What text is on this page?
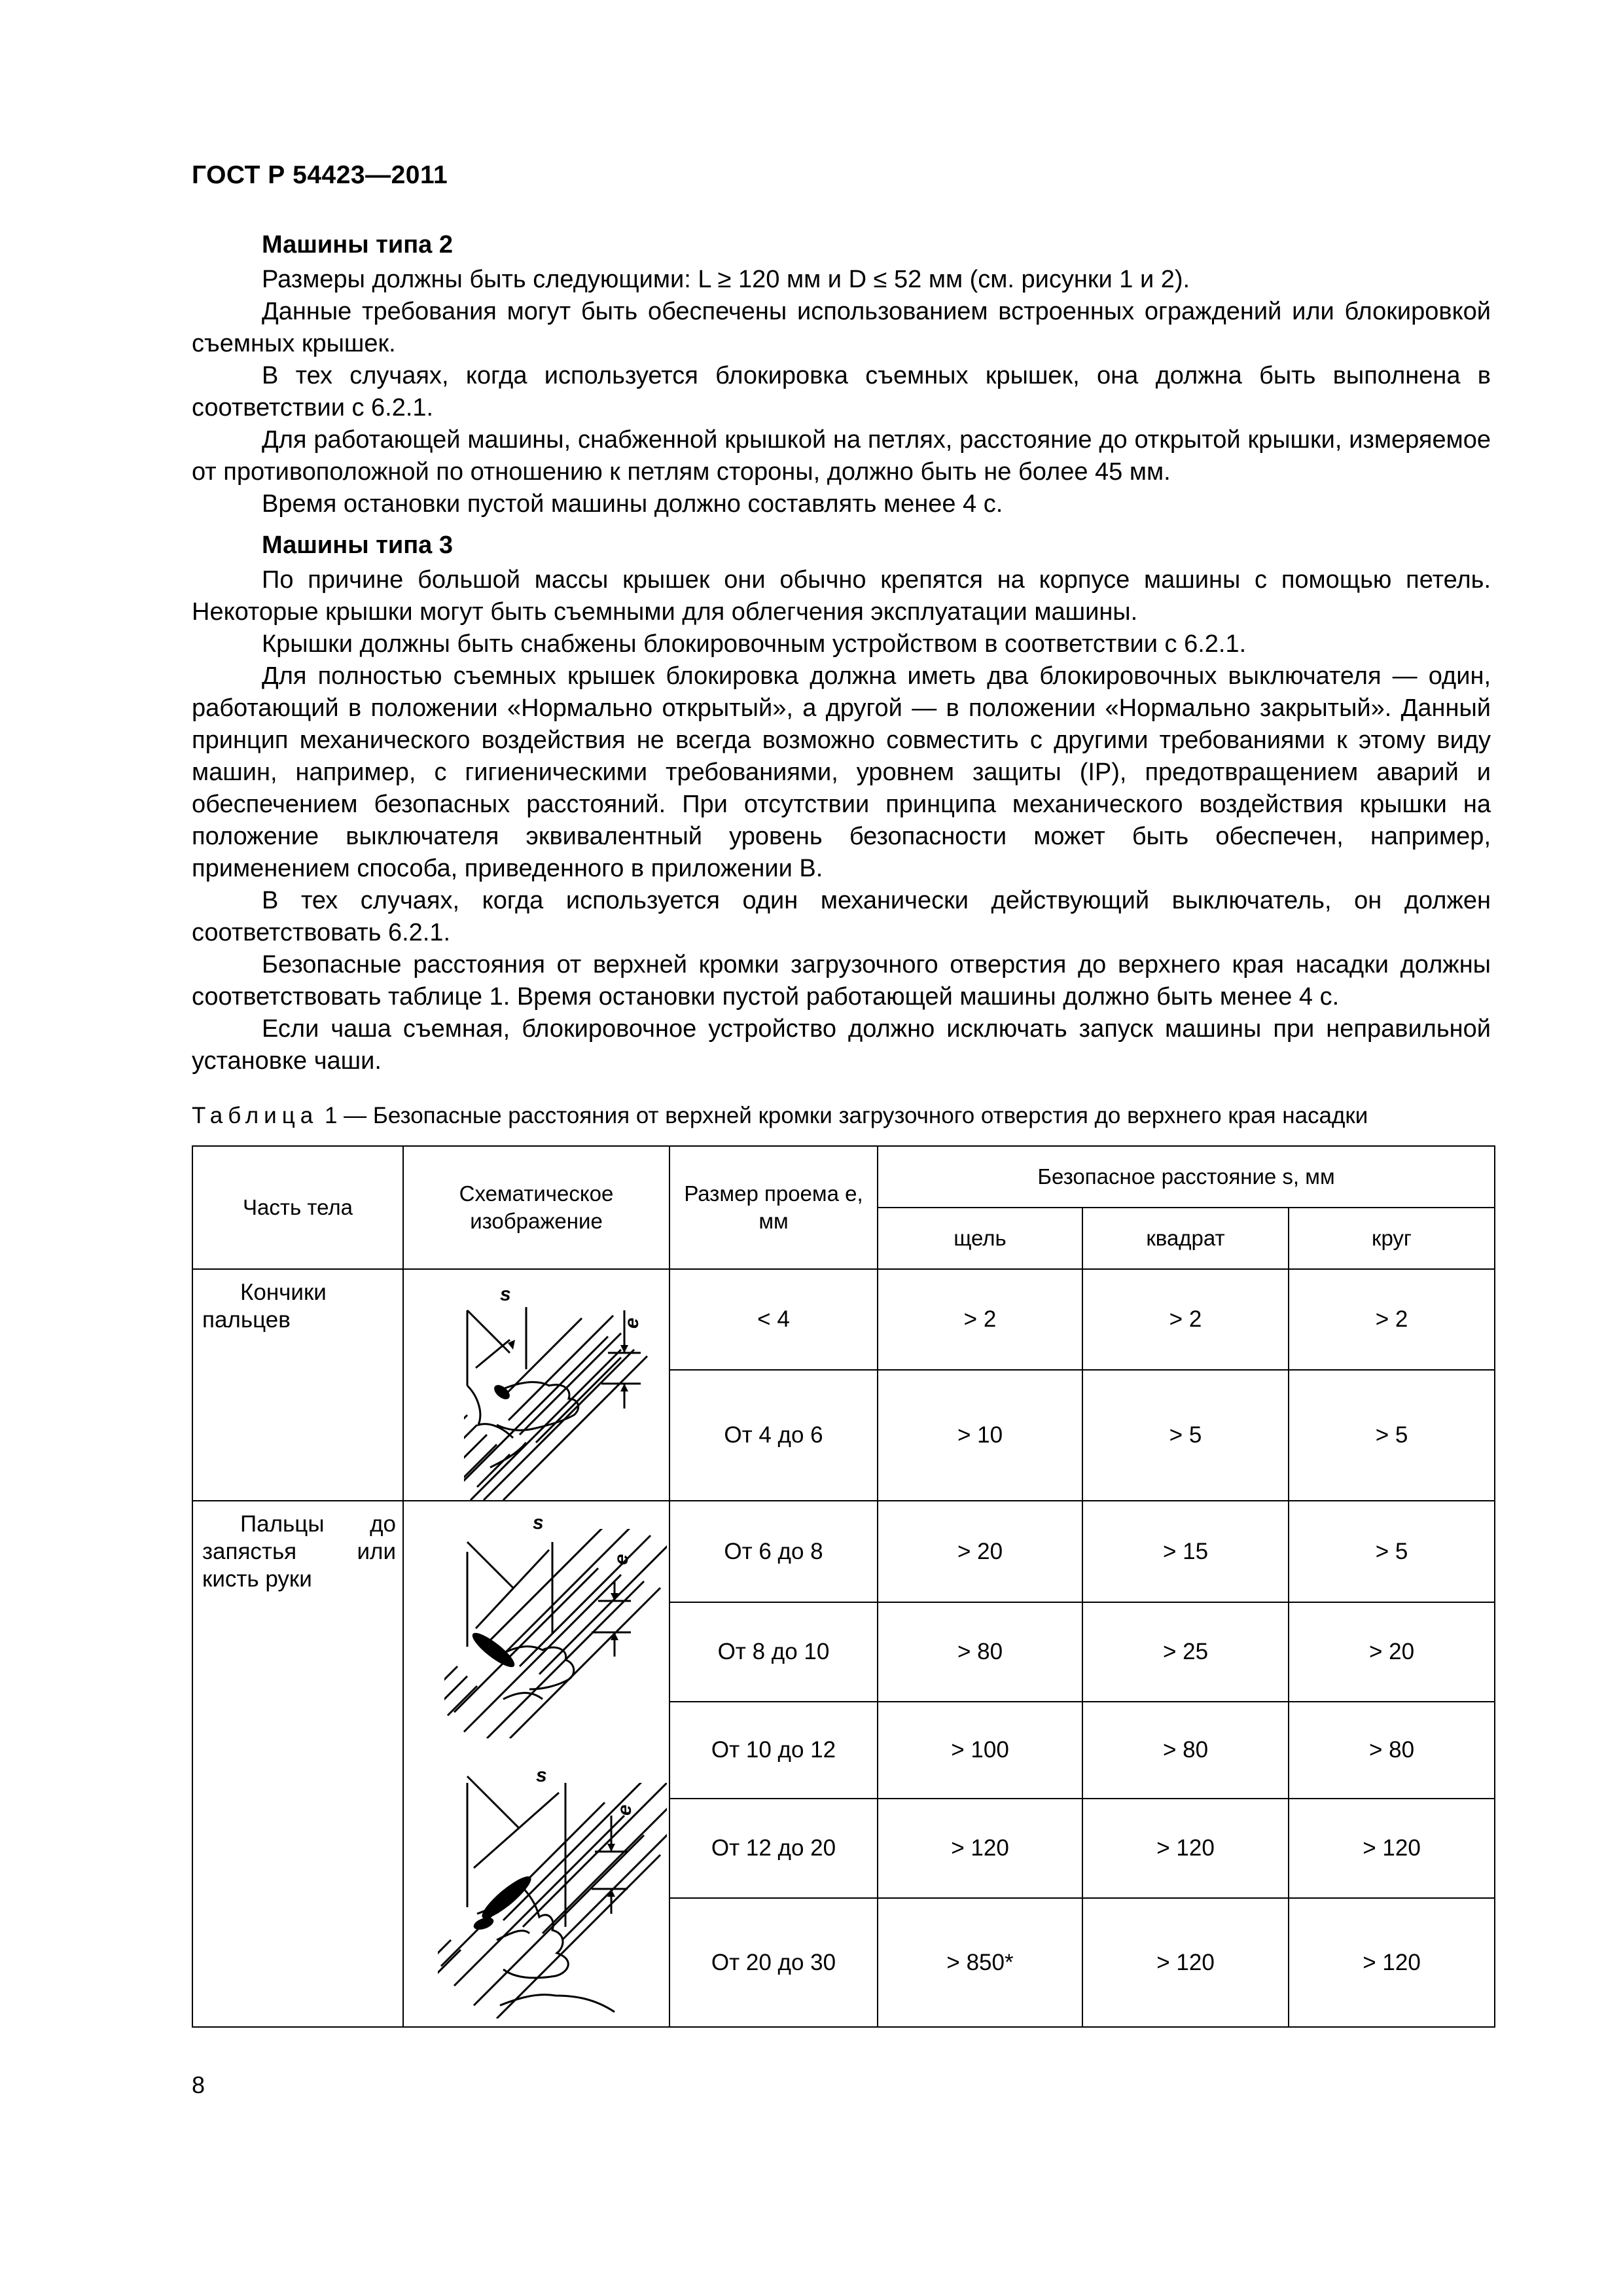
ГОСТ Р 54423—2011
Машины типа 2

Размеры должны быть следующими: L ≥ 120 мм и D ≤ 52 мм (см. рисунки 1 и 2).

Данные требования могут быть обеспечены использованием встроенных ограждений или блокировкой съемных крышек.

В тех случаях, когда используется блокировка съемных крышек, она должна быть выполнена в соответствии с 6.2.1.

Для работающей машины, снабженной крышкой на петлях, расстояние до открытой крышки, измеряемое от противоположной по отношению к петлям стороны, должно быть не более 45 мм.

Время остановки пустой машины должно составлять менее 4 с.

Машины типа 3

По причине большой массы крышек они обычно крепятся на корпусе машины с помощью петель. Некоторые крышки могут быть съемными для облегчения эксплуатации машины.

Крышки должны быть снабжены блокировочным устройством в соответствии с 6.2.1.

Для полностью съемных крышек блокировка должна иметь два блокировочных выключателя — один, работающий в положении «Нормально открытый», а другой — в положении «Нормально закрытый». Данный принцип механического воздействия не всегда возможно совместить с другими требованиями к этому виду машин, например, с гигиеническими требованиями, уровнем защиты (IP), предотвращением аварий и обеспечением безопасных расстояний. При отсутствии принципа механического воздействия крышки на положение выключателя эквивалентный уровень безопасности может быть обеспечен, например, применением способа, приведенного в приложении В.

В тех случаях, когда используется один механически действующий выключатель, он должен соответствовать 6.2.1.

Безопасные расстояния от верхней кромки загрузочного отверстия до верхнего края насадки должны соответствовать таблице 1. Время остановки пустой работающей машины должно быть менее 4 с.

Если чаша съемная, блокировочное устройство должно исключать запуск машины при неправильной установке чаши.

Таблица 1 — Безопасные расстояния от верхней кромки загрузочного отверстия до верхнего края насадки
Часть тела	Схематическое изображение	Размер проема е, мм	Безопасное расстояние s, мм		
			щель	квадрат	круг

Кончики пальцев	s
e	< 4	> 2	> 2	> 2
		От 4 до 6	> 10	> 5	> 5

Пальцы до запястья или кисть руки	s
e
s
e	От 6 до 8	> 20	> 15	> 5
		От 8 до 10	> 80	> 25	> 20
		От 10 до 12	> 100	> 80	> 80
		От 12 до 20	> 120	> 120	> 120
		От 20 до 30	> 850*	> 120	> 120
8
